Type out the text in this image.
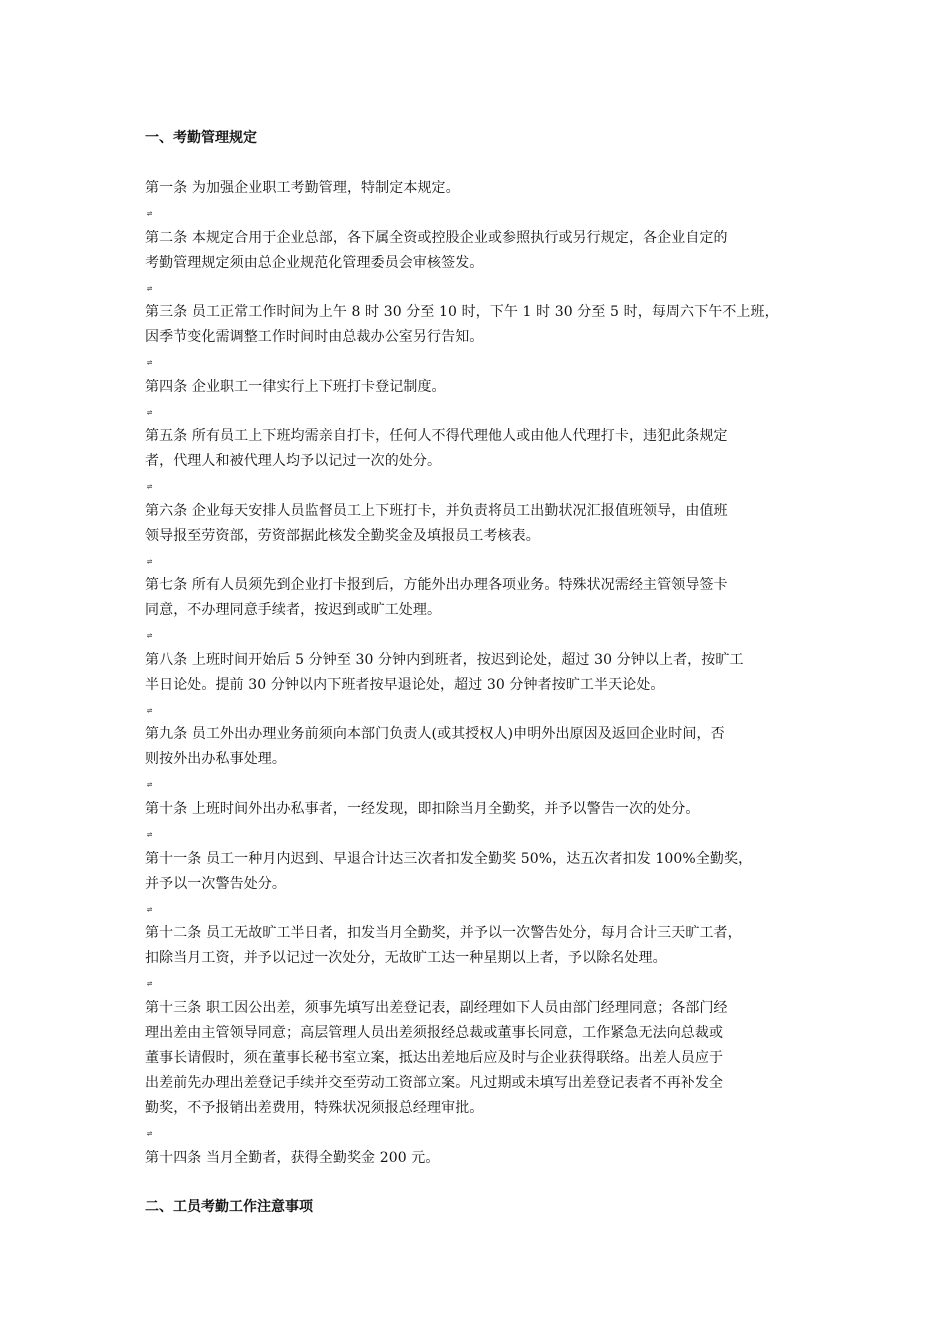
一、考勤管理规定
第一条 为加强企业职工考勤管理，特制定本规定。
⇌
第二条 本规定合用于企业总部，各下属全资或控股企业或参照执行或另行规定，各企业自定的
考勤管理规定须由总企业规范化管理委员会审核签发。
⇌
第三条 员工正常工作时间为上午 8 时 30 分至 10 时，下午 1 时 30 分至 5 时，每周六下午不上班，
因季节变化需调整工作时间时由总裁办公室另行告知。
⇌
第四条 企业职工一律实行上下班打卡登记制度。
⇌
第五条 所有员工上下班均需亲自打卡，任何人不得代理他人或由他人代理打卡，违犯此条规定
者，代理人和被代理人均予以记过一次的处分。
⇌
第六条 企业每天安排人员监督员工上下班打卡，并负责将员工出勤状况汇报值班领导，由值班
领导报至劳资部，劳资部据此核发全勤奖金及填报员工考核表。
⇌
第七条 所有人员须先到企业打卡报到后，方能外出办理各项业务。特殊状况需经主管领导签卡
同意，不办理同意手续者，按迟到或旷工处理。
⇌
第八条 上班时间开始后 5 分钟至 30 分钟内到班者，按迟到论处，超过 30 分钟以上者，按旷工
半日论处。提前 30 分钟以内下班者按早退论处，超过 30 分钟者按旷工半天论处。
⇌
第九条 员工外出办理业务前须向本部门负责人(或其授权人)申明外出原因及返回企业时间，否
则按外出办私事处理。
⇌
第十条 上班时间外出办私事者，一经发现，即扣除当月全勤奖，并予以警告一次的处分。
⇌
第十一条 员工一种月内迟到、早退合计达三次者扣发全勤奖 50%，达五次者扣发 100%全勤奖，
并予以一次警告处分。
⇌
第十二条 员工无故旷工半日者，扣发当月全勤奖，并予以一次警告处分，每月合计三天旷工者，
扣除当月工资，并予以记过一次处分，无故旷工达一种星期以上者，予以除名处理。
⇌
第十三条 职工因公出差，须事先填写出差登记表，副经理如下人员由部门经理同意；各部门经
理出差由主管领导同意；高层管理人员出差须报经总裁或董事长同意，工作紧急无法向总裁或
董事长请假时，须在董事长秘书室立案，抵达出差地后应及时与企业获得联络。出差人员应于
出差前先办理出差登记手续并交至劳动工资部立案。凡过期或未填写出差登记表者不再补发全
勤奖，不予报销出差费用，特殊状况须报总经理审批。
⇌
第十四条 当月全勤者，获得全勤奖金 200 元。
二、工员考勤工作注意事项
